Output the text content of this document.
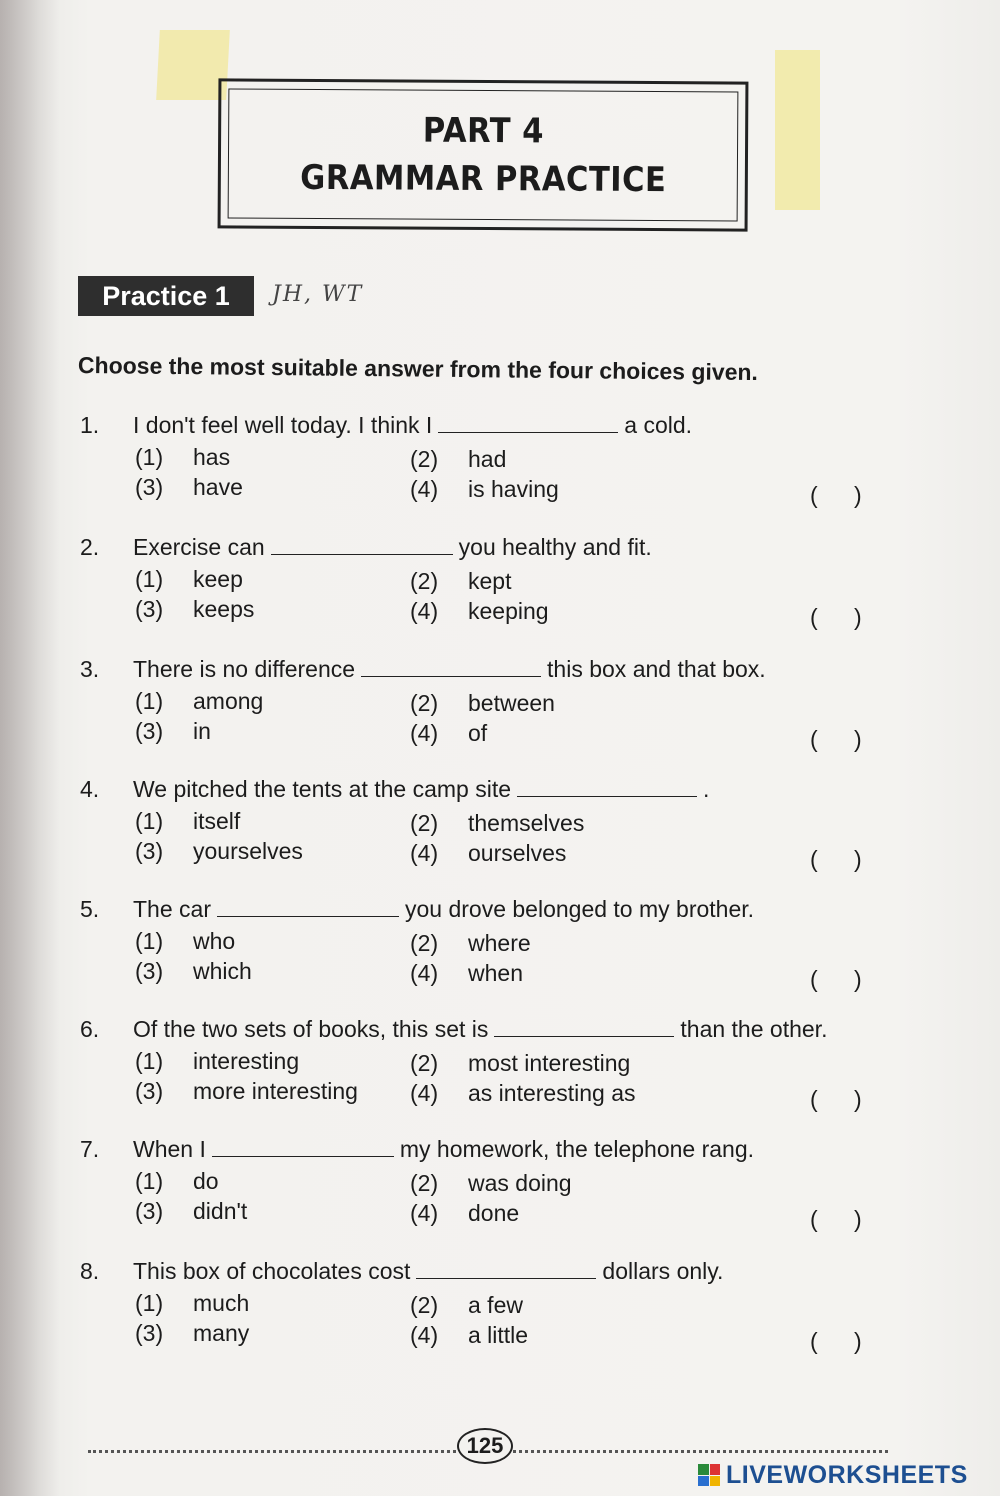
PART 4
GRAMMAR PRACTICE
Practice 1	JH, WT
Choose the most suitable answer from the four choices given.
1. I don't feel well today. I think I	a cold.
(1) has	(2) had
(3) have	(4) is having	( )
2. Exercise can	you healthy and fit.
(1) keep	(2) kept
(3) keeps	(4) keeping	( )
3. There is no difference	this box and that box.
(1) among	(2) between
(3) in	(4) of	( )
4. We pitched the tents at the camp site	.
(1) itself	(2) themselves
(3) yourselves	(4) ourselves	( )
5. The car	you drove belonged to my brother.
(1) who	(2) where
(3) which	(4) when	( )
6. Of the two sets of books, this set is	than the other.
(1) interesting	(2) most interesting
(3) more interesting (4) as interesting as	( )
7. When I	my homework, the telephone rang.
(1) do	(2) was doing
(3) didn't	(4) done	( )
8. This box of chocolates cost	dollars only.
(1) much	(2) a few
(3) many	(4) a little	( )
125
LIVEWORKSHEETS
